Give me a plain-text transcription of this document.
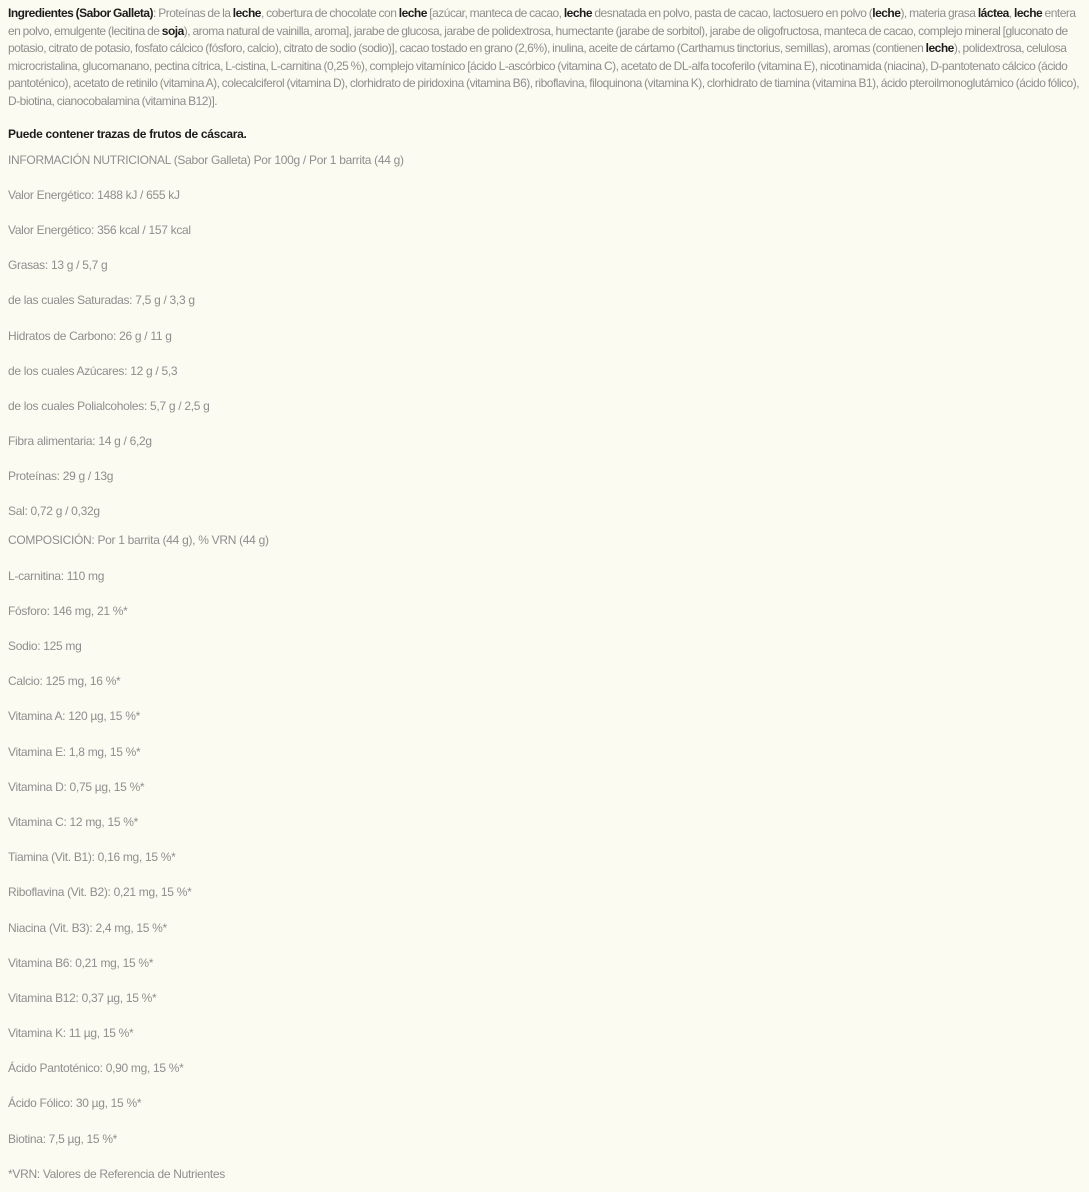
Ingredientes (Sabor Galleta): Proteínas de la leche, cobertura de chocolate con leche [azúcar, manteca de cacao, leche desnatada en polvo, pasta de cacao, lactosuero en polvo (leche), materia grasa láctea, leche entera en polvo, emulgente (lecitina de soja), aroma natural de vainilla, aroma], jarabe de glucosa, jarabe de polidextrosa, humectante (jarabe de sorbitol), jarabe de oligofructosa, manteca de cacao, complejo mineral [gluconato de potasio, citrato de potasio, fosfato cálcico (fósforo, calcio), citrato de sodio (sodio)], cacao tostado en grano (2,6%), inulina, aceite de cártamo (Carthamus tinctorius, semillas), aromas (contienen leche), polidextrosa, celulosa microcristalina, glucomanano, pectina cítrica, L-cistina, L-carnitina (0,25 %), complejo vitamínico [ácido L-ascórbico (vitamina C), acetato de DL-alfa tocoferilo (vitamina E), nicotinamida (niacina), D-pantotenato cálcico (ácido pantoténico), acetato de retinilo (vitamina A), colecalciferol (vitamina D), clorhidrato de piridoxina (vitamina B6), riboflavina, filoquinona (vitamina K), clorhidrato de tiamina (vitamina B1), ácido pteroilmonoglutámico (ácido fólico), D-biotina, cianocobalamina (vitamina B12)].

Puede contener trazas de frutos de cáscara.
INFORMACIÓN NUTRICIONAL (Sabor Galleta) Por 100g / Por 1 barrita (44 g)
Valor Energético: 1488 kJ / 655 kJ
Valor Energético: 356 kcal / 157 kcal
Grasas: 13 g / 5,7 g
de las cuales Saturadas: 7,5 g / 3,3 g
Hidratos de Carbono: 26 g / 11 g
de los cuales Azúcares: 12 g / 5,3
de los cuales Polialcoholes: 5,7 g / 2,5 g
Fibra alimentaria: 14 g / 6,2g
Proteínas: 29 g / 13g
Sal: 0,72 g / 0,32g
COMPOSICIÓN: Por 1 barrita (44 g), % VRN (44 g)
L-carnitina: 110 mg
Fósforo: 146 mg, 21 %*
Sodio: 125 mg
Calcio: 125 mg, 16 %*
Vitamina A: 120 µg, 15 %*
Vitamina E: 1,8 mg, 15 %*
Vitamina D: 0,75 µg, 15 %*
Vitamina C: 12 mg, 15 %*
Tiamina (Vit. B1): 0,16 mg, 15 %*
Riboflavina (Vit. B2): 0,21 mg, 15 %*
Niacina (Vit. B3): 2,4 mg, 15 %*
Vitamina B6: 0,21 mg, 15 %*
Vitamina B12: 0,37 µg, 15 %*
Vitamina K: 11 µg, 15 %*
Ácido Pantoténico: 0,90 mg, 15 %*
Ácido Fólico: 30 µg, 15 %*
Biotina: 7,5 µg, 15 %*
*VRN: Valores de Referencia de Nutrientes
